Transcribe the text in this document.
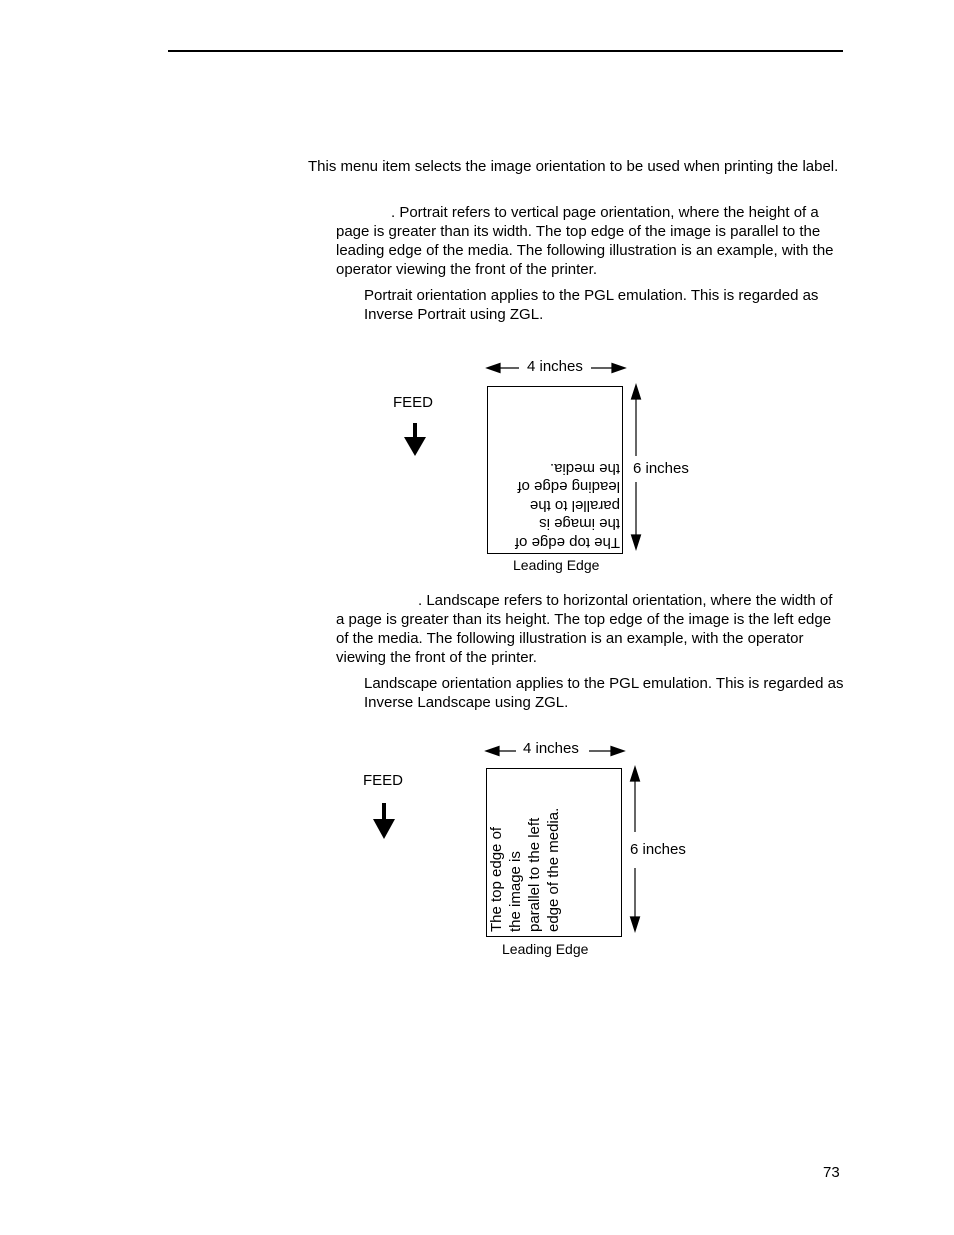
This menu item selects the image orientation to be used when printing the label.

. Portrait refers to vertical page orientation, where the height of a page is greater than its width. The top edge of the image is parallel to the leading edge of the media. The following illustration is an example, with the operator viewing the front of the printer.

Portrait orientation applies to the PGL emulation. This is regarded as Inverse Portrait using ZGL.

4 inches
6 inches
FEED
The top edge of
the image is
parallel to the
leading edge of
the media.
Leading Edge

. Landscape refers to horizontal orientation, where the width of a page is greater than its height. The top edge of the image is the left edge of the media. The following illustration is an example, with the operator viewing the front of the printer.

Landscape orientation applies to the PGL emulation. This is regarded as Inverse Landscape using ZGL.

4 inches
6 inches
FEED
The top edge of the image is parallel to the left edge of the media.
Leading Edge
73
